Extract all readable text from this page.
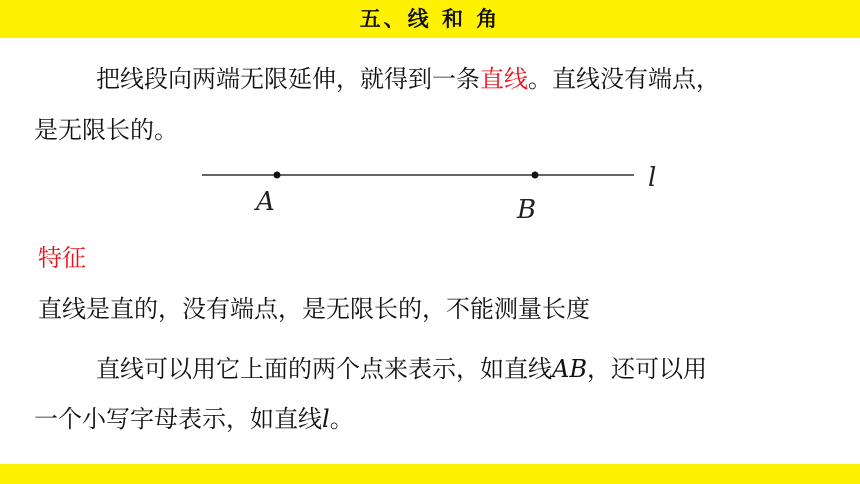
五、线 和 角
把线段向两端无限延伸，就得到一条直线。直线没有端点，
是无限长的。
A	B
l
特征
直线是直的，没有端点，是无限长的，不能测量长度
直线可以用它上面的两个点来表示，如直线AB，还可以用
一个小写字母表示，如直线l。
